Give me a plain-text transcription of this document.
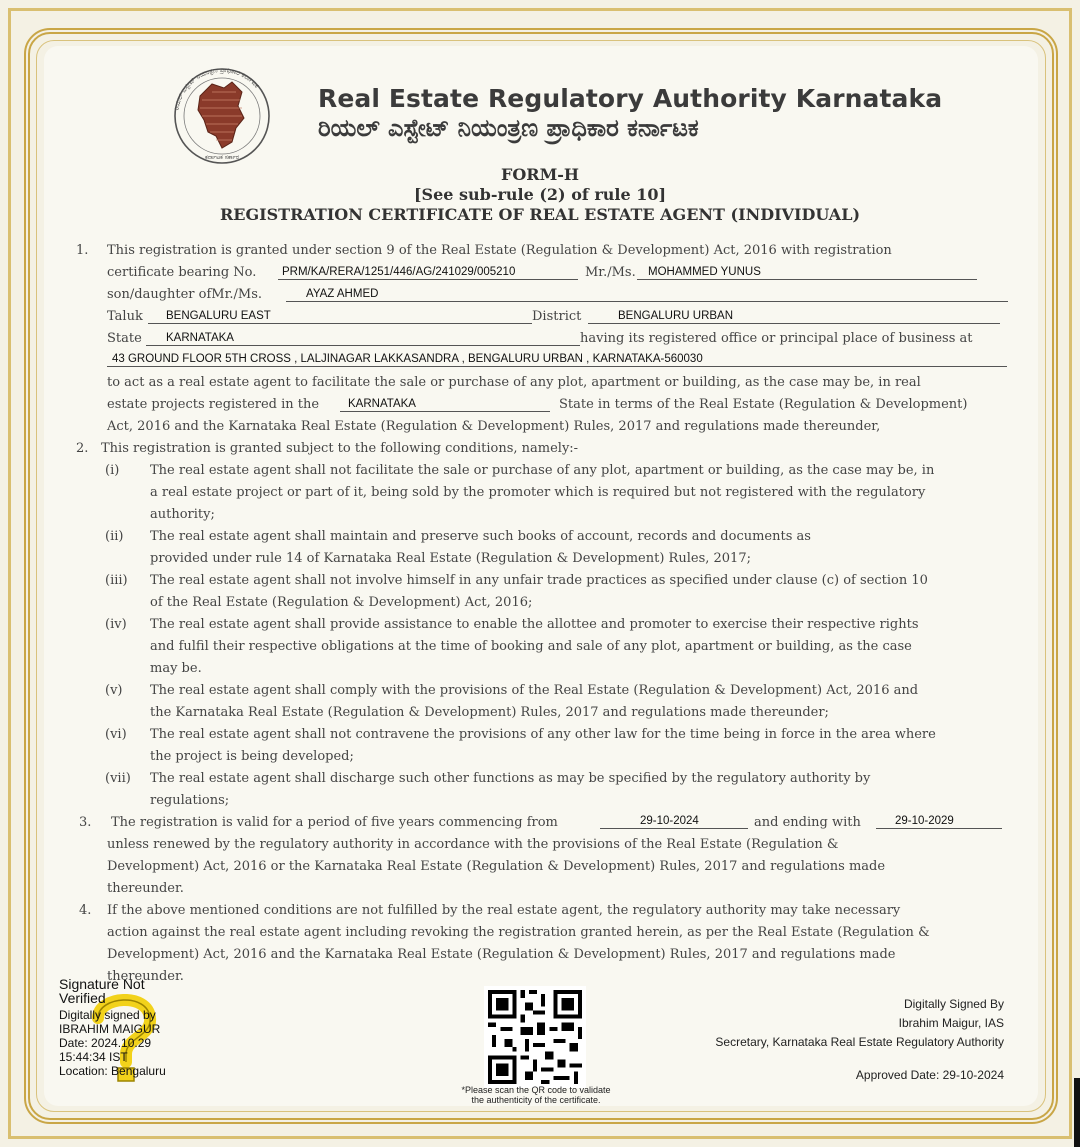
ಕರ್ನಾಟಕ ಸರ್ಕಾರ
ರಿಯಲ್ ಎಸ್ಟೇಟ್ ನಿಯಂತ್ರಣ ಪ್ರಾಧಿಕಾರ ಕರ್ನಾಟಕ Real Estate Regulatory Authority Karnataka
ರಿಯಲ್ ಎಸ್ಟೇಟ್ ನಿಯಂತ್ರಣ ಪ್ರಾಧಿಕಾರ ಕರ್ನಾಟಕ
FORM-H
[See sub-rule (2) of rule 10]
REGISTRATION CERTIFICATE OF REAL ESTATE AGENT (INDIVIDUAL)
1. This registration is granted under section 9 of the Real Estate (Regulation & Development) Act, 2016 with registration
certificate bearing No. PRM/KA/RERA/1251/446/AG/241029/005210	Mr./Ms. MOHAMMED YUNUS
son/daughter ofMr./Ms.	AYAZ AHMED
Taluk BENGALURU EAST	District	BENGALURU URBAN
State KARNATAKA	having its registered office or principal place of business at
43 GROUND FLOOR 5TH CROSS , LALJINAGAR LAKKASANDRA , BENGALURU URBAN , KARNATAKA-560030
to act as a real estate agent to facilitate the sale or purchase of any plot, apartment or building, as the case may be, in real
estate projects registered in the	KARNATAKA	State in terms of the Real Estate (Regulation & Development)
Act, 2016 and the Karnataka Real Estate (Regulation & Development) Rules, 2017 and regulations made thereunder,
2. This registration is granted subject to the following conditions, namely:-
(i) The real estate agent shall not facilitate the sale or purchase of any plot, apartment or building, as the case may be, in
a real estate project or part of it, being sold by the promoter which is required but not registered with the regulatory
authority;
(ii) The real estate agent shall maintain and preserve such books of account, records and documents as
provided under rule 14 of Karnataka Real Estate (Regulation & Development) Rules, 2017;
(iii) The real estate agent shall not involve himself in any unfair trade practices as specified under clause (c) of section 10
of the Real Estate (Regulation & Development) Act, 2016;
(iv) The real estate agent shall provide assistance to enable the allottee and promoter to exercise their respective rights
and fulfil their respective obligations at the time of booking and sale of any plot, apartment or building, as the case
may be.
(v) The real estate agent shall comply with the provisions of the Real Estate (Regulation & Development) Act, 2016 and
the Karnataka Real Estate (Regulation & Development) Rules, 2017 and regulations made thereunder;
(vi) The real estate agent shall not contravene the provisions of any other law for the time being in force in the area where
the project is being developed;
(vii) The real estate agent shall discharge such other functions as may be specified by the regulatory authority by
regulations;
3. The registration is valid for a period of five years commencing from	29-10-2024	and ending with	29-10-2029
unless renewed by the regulatory authority in accordance with the provisions of the Real Estate (Regulation &
Development) Act, 2016 or the Karnataka Real Estate (Regulation & Development) Rules, 2017 and regulations made
thereunder.
4. If the above mentioned conditions are not fulfilled by the real estate agent, the regulatory authority may take necessary
action against the real estate agent including revoking the registration granted herein, as per the Real Estate (Regulation &
Development) Act, 2016 and the Karnataka Real Estate (Regulation & Development) Rules, 2017 and regulations made
thereunder.
Signature Not Verified
Digitally signed by IBRAHIM MAIGUR
Date: 2024.10.29 15:44:34 IST
Location: Bengaluru
*Please scan the QR code to validate
the authenticity of the certificate.
Digitally Signed By
Ibrahim Maigur, IAS
Secretary, Karnataka Real Estate Regulatory Authority
Approved Date: 29-10-2024
